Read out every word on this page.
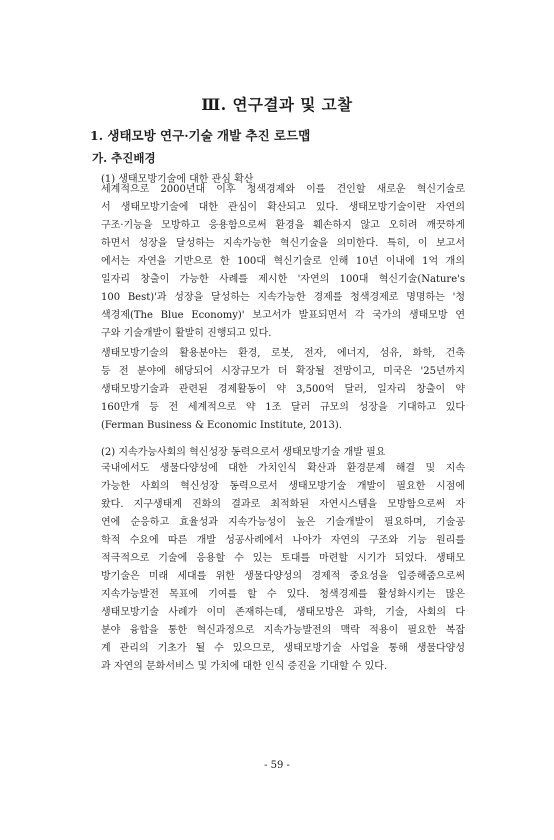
Ⅲ. 연구결과 및 고찰
1. 생태모방 연구·기술 개발 추진 로드맵
가. 추진배경
(1) 생태모방기술에 대한 관심 확산
세계적으로 2000년대 이후 청색경제와 이를 견인할 새로운 혁신기술로
서 생태모방기술에 대한 관심이 확산되고 있다. 생태모방기술이란 자연의
구조·기능을 모방하고 응용함으로써 환경을 훼손하지 않고 오히려 깨끗하게
하면서 성장을 달성하는 지속가능한 혁신기술을 의미한다. 특히, 이 보고서
에서는 자연을 기반으로 한 100대 혁신기술로 인해 10년 이내에 1억 개의
일자리 창출이 가능한 사례를 제시한 '자연의 100대 혁신기술(Nature's
100 Best)'과 성장을 달성하는 지속가능한 경제를 청색경제로 명명하는 '청
색경제(The Blue Economy)' 보고서가 발표되면서 각 국가의 생태모방 연
구와 기술개발이 활발히 진행되고 있다.
생태모방기술의 활용분야는 환경, 로봇, 전자, 에너지, 섬유, 화학, 건축
등 전 분야에 해당되어 시장규모가 더 확장될 전망이고, 미국은 '25년까지
생태모방기술과 관련된 경제활동이 약 3,500억 달러, 일자리 창출이 약
160만개 등 전 세계적으로 약 1조 달러 규모의 성장을 기대하고 있다
(Ferman Business & Economic Institute, 2013).
(2) 지속가능사회의 혁신성장 동력으로서 생태모방기술 개발 필요
국내에서도 생물다양성에 대한 가치인식 확산과 환경문제 해결 및 지속
가능한 사회의 혁신성장 동력으로서 생태모방기술 개발이 필요한 시점에
왔다. 지구생태계 진화의 결과로 최적화된 자연시스템을 모방함으로써 자
연에 순응하고 효율성과 지속가능성이 높은 기술개발이 필요하며, 기술공
학적 수요에 따른 개발 성공사례에서 나아가 자연의 구조와 기능 원리를
적극적으로 기술에 응용할 수 있는 토대를 마련할 시기가 되었다. 생태모
방기술은 미래 세대를 위한 생물다양성의 경제적 중요성을 입증해줌으로써
지속가능발전 목표에 기여를 할 수 있다. 청색경제를 활성화시키는 많은
생태모방기술 사례가 이미 존재하는데, 생태모방은 과학, 기술, 사회의 다
분야 융합을 통한 혁신과정으로 지속가능발전의 맥락 적용이 필요한 복잡
계 관리의 기초가 될 수 있으므로, 생태모방기술 사업을 통해 생물다양성
과 자연의 문화서비스 및 가치에 대한 인식 증진을 기대할 수 있다.
- 59 -
